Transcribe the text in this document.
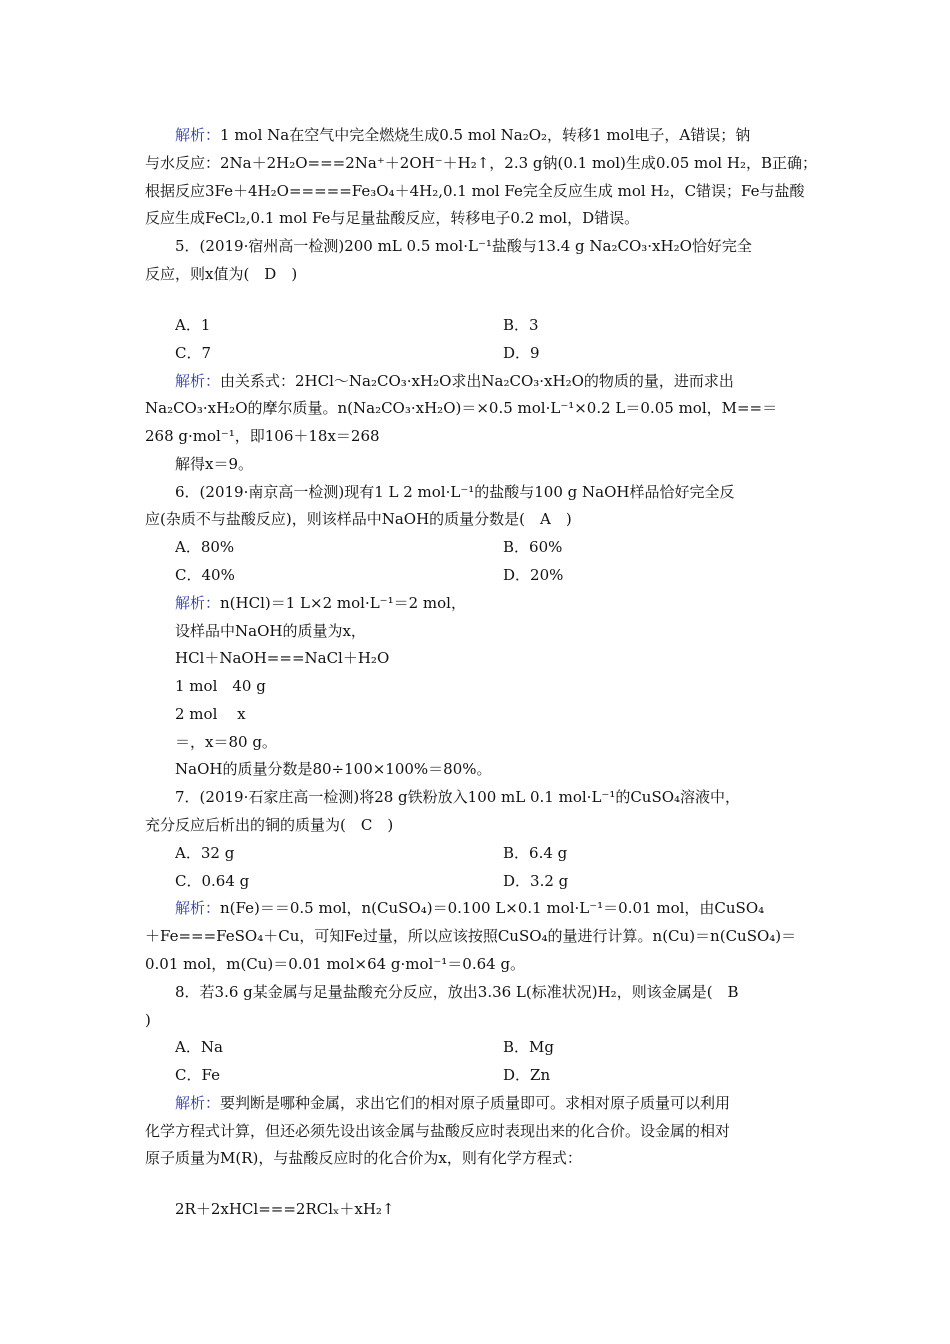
解析：1 mol Na在空气中完全燃烧生成0.5 mol Na₂O₂，转移1 mol电子，A错误；钠
与水反应：2Na＋2H₂O===2Na⁺＋2OH⁻＋H₂↑，2.3 g钠(0.1 mol)生成0.05 mol H₂，B正确；
根据反应3Fe＋4H₂O=====Fe₃O₄＋4H₂,0.1 mol Fe完全反应生成 mol H₂，C错误；Fe与盐酸
反应生成FeCl₂,0.1 mol Fe与足量盐酸反应，转移电子0.2 mol，D错误。
5．(2019·宿州高一检测)200 mL 0.5 mol·L⁻¹盐酸与13.4 g Na₂CO₃·xH₂O恰好完全
反应，则x值为(　D　)
A．1	B．3
C．7	D．9
解析：由关系式：2HCl～Na₂CO₃·xH₂O求出Na₂CO₃·xH₂O的物质的量，进而求出
Na₂CO₃·xH₂O的摩尔质量。n(Na₂CO₃·xH₂O)＝×0.5 mol·L⁻¹×0.2 L＝0.05 mol，M==＝
268 g·mol⁻¹，即106＋18x＝268
解得x＝9。
6．(2019·南京高一检测)现有1 L 2 mol·L⁻¹的盐酸与100 g NaOH样品恰好完全反
应(杂质不与盐酸反应)，则该样品中NaOH的质量分数是(　A　)
A．80%	B．60%
C．40%	D．20%
解析：n(HCl)＝1 L×2 mol·L⁻¹＝2 mol，
设样品中NaOH的质量为x，
HCl＋NaOH===NaCl＋H₂O
1 mol　40 g
2 mol　 x
＝，x＝80 g。
NaOH的质量分数是80÷100×100%＝80%。
7．(2019·石家庄高一检测)将28 g铁粉放入100 mL 0.1 mol·L⁻¹的CuSO₄溶液中，
充分反应后析出的铜的质量为(　C　)
A．32 g	B．6.4 g
C．0.64 g	D．3.2 g
解析：n(Fe)＝＝0.5 mol，n(CuSO₄)＝0.100 L×0.1 mol·L⁻¹＝0.01 mol，由CuSO₄
＋Fe===FeSO₄＋Cu，可知Fe过量，所以应该按照CuSO₄的量进行计算。n(Cu)＝n(CuSO₄)＝
0.01 mol，m(Cu)＝0.01 mol×64 g·mol⁻¹＝0.64 g。
8．若3.6 g某金属与足量盐酸充分反应，放出3.36 L(标准状况)H₂，则该金属是(　B
)
A．Na	B．Mg
C．Fe	D．Zn
解析：要判断是哪种金属，求出它们的相对原子质量即可。求相对原子质量可以利用
化学方程式计算，但还必须先设出该金属与盐酸反应时表现出来的化合价。设金属的相对
原子质量为M(R)，与盐酸反应时的化合价为x，则有化学方程式：
2R＋2xHCl===2RClₓ＋xH₂↑
